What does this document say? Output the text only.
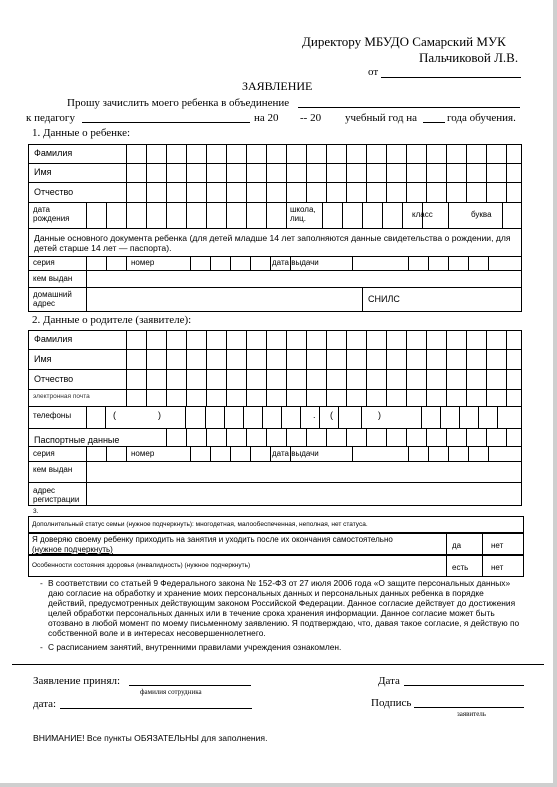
Директору МБУДО Самарский МУК
Пальчиковой Л.В.
от
ЗАЯВЛЕНИЕ
Прошу зачислить моего ребенка в объединение
к педагогу	на 20 -- 20 учебный год на	года обучения.
1. Данные о ребенке:
Фамилия
Имя
Отчество
дата рождения
школа, лиц.	класс	буква
Данные основного документа ребенка (для детей младше 14 лет заполняются данные свидетельства о рождении, для детей старше 14 лет — паспорта).
серия	номер	дата выдачи
кем выдан
домашний адрес	СНИЛС
2. Данные о родителе (заявителе):
Фамилия
Имя
Отчество
электронная почта
телефоны	(	)	. (	)
Паспортные данные
серия	номер	дата выдачи
кем выдан
адрес регистрации
3.
Дополнительный статус семьи (нужное подчеркнуть): многодетная, малообеспеченная, неполная, нет статуса.
Я доверяю своему ребенку приходить на занятия и уходить после их окончания самостоятельно
(нужное подчеркнуть)	да	нет
Особенности состояния здоровья (инвалидность) (нужное подчеркнуть)	есть	нет
- В соответствии со статьей 9 Федерального закона № 152-ФЗ от 27 июля 2006 года «О защите персональных данных» даю согласие на обработку и хранение моих персональных данных и персональных данных ребенка в порядке действий, предусмотренных действующим законом Российской Федерации. Данное согласие действует до достижения целей обработки персональных данных или в течение срока хранения информации. Данное согласие может быть отозвано в любой момент по моему письменному заявлению. Я подтверждаю, что, давая такое согласие, я действую по собственной воле и в интересах несовершеннолетнего.
- С расписанием занятий, внутренними правилами учреждения ознакомлен.
Заявление принял:
фамилия сотрудника
Дата
дата:	Подпись
заявитель
ВНИМАНИЕ! Все пункты ОБЯЗАТЕЛЬНЫ для заполнения.
